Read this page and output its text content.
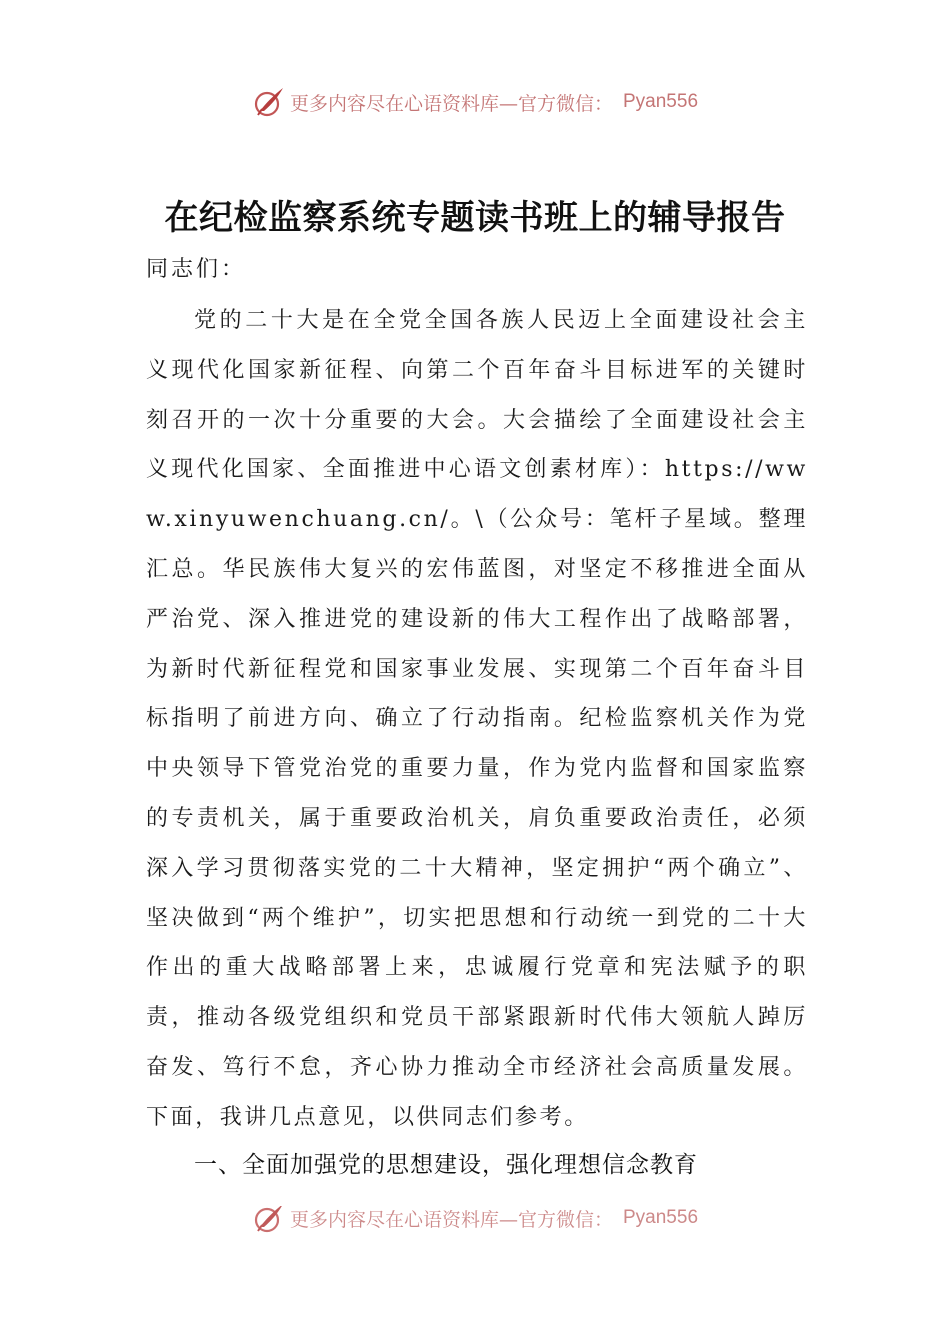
更多内容尽在心语资料库—官方微信： Pyan556
在纪检监察系统专题读书班上的辅导报告
同志们：
党的二十大是在全党全国各族人民迈上全面建设社会主义现代化国家新征程、向第二个百年奋斗目标进军的关键时刻召开的一次十分重要的大会。大会描绘了全面建设社会主义现代化国家、全面推进中心语文创素材库）：https://www.xinyuwenchuang.cn/。\（公众号：笔杆子星域。整理汇总。华民族伟大复兴的宏伟蓝图，对坚定不移推进全面从严治党、深入推进党的建设新的伟大工程作出了战略部署，为新时代新征程党和国家事业发展、实现第二个百年奋斗目标指明了前进方向、确立了行动指南。纪检监察机关作为党中央领导下管党治党的重要力量，作为党内监督和国家监察的专责机关，属于重要政治机关，肩负重要政治责任，必须深入学习贯彻落实党的二十大精神，坚定拥护“两个确立”、坚决做到“两个维护”，切实把思想和行动统一到党的二十大作出的重大战略部署上来，忠诚履行党章和宪法赋予的职责，推动各级党组织和党员干部紧跟新时代伟大领航人踔厉奋发、笃行不怠，齐心协力推动全市经济社会高质量发展。下面，我讲几点意见，以供同志们参考。
一、全面加强党的思想建设，强化理想信念教育
更多内容尽在心语资料库—官方微信： Pyan556
